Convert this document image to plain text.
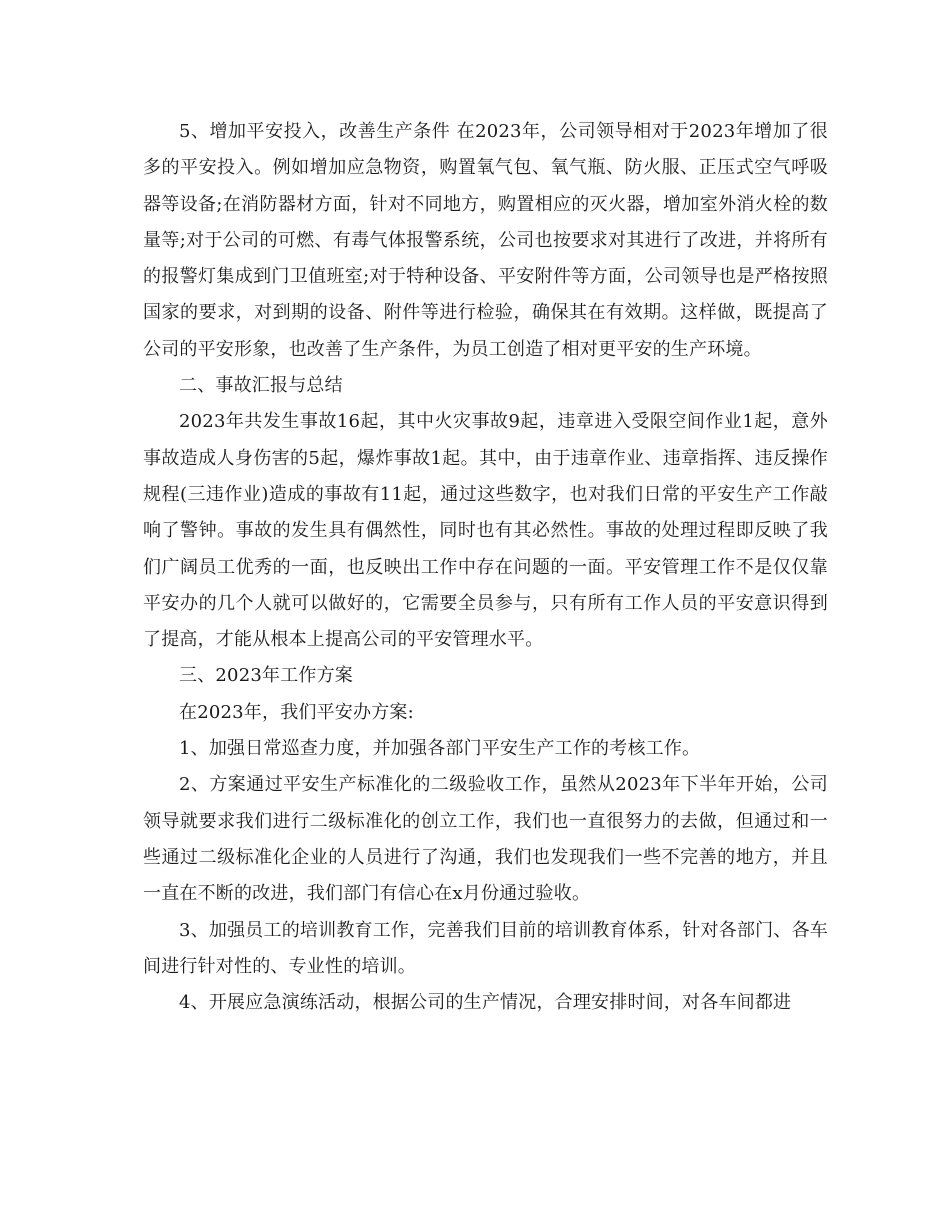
5、增加平安投入，改善生产条件 在2023年，公司领导相对于2023年增加了很多的平安投入。例如增加应急物资，购置氧气包、氧气瓶、防火服、正压式空气呼吸器等设备;在消防器材方面，针对不同地方，购置相应的灭火器，增加室外消火栓的数量等;对于公司的可燃、有毒气体报警系统，公司也按要求对其进行了改进，并将所有的报警灯集成到门卫值班室;对于特种设备、平安附件等方面，公司领导也是严格按照国家的要求，对到期的设备、附件等进行检验，确保其在有效期。这样做，既提高了公司的平安形象，也改善了生产条件，为员工创造了相对更平安的生产环境。

二、事故汇报与总结

2023年共发生事故16起，其中火灾事故9起，违章进入受限空间作业1起，意外事故造成人身伤害的5起，爆炸事故1起。其中，由于违章作业、违章指挥、违反操作规程(三违作业)造成的事故有11起，通过这些数字，也对我们日常的平安生产工作敲响了警钟。事故的发生具有偶然性，同时也有其必然性。事故的处理过程即反映了我们广阔员工优秀的一面，也反映出工作中存在问题的一面。平安管理工作不是仅仅靠平安办的几个人就可以做好的，它需要全员参与，只有所有工作人员的平安意识得到了提高，才能从根本上提高公司的平安管理水平。

三、2023年工作方案

在2023年，我们平安办方案:

1、加强日常巡查力度，并加强各部门平安生产工作的考核工作。

2、方案通过平安生产标准化的二级验收工作，虽然从2023年下半年开始，公司领导就要求我们进行二级标准化的创立工作，我们也一直很努力的去做，但通过和一些通过二级标准化企业的人员进行了沟通，我们也发现我们一些不完善的地方，并且一直在不断的改进，我们部门有信心在x月份通过验收。

3、加强员工的培训教育工作，完善我们目前的培训教育体系，针对各部门、各车间进行针对性的、专业性的培训。

4、开展应急演练活动，根据公司的生产情况，合理安排时间，对各车间都进
